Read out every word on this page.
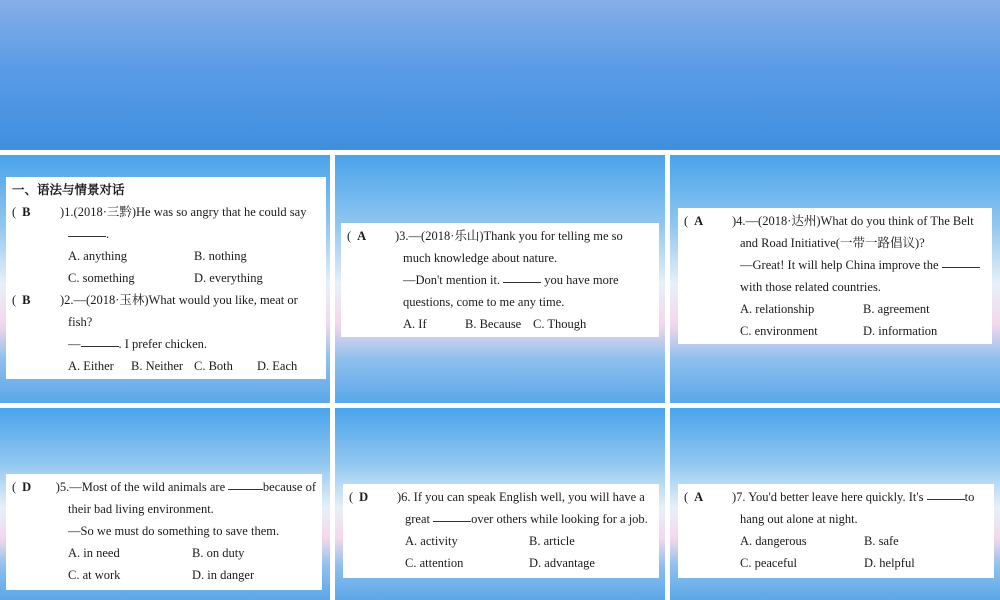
一、语法与情景对话
( B	)1.(2018·三黔)He was so angry that he could say
.
A. anything	B. nothing
C. something	D. everything
( B	)2.—(2018·玉林)What would you like, meat or
fish?
—	. I prefer chicken.
A. Either	B. Neither C. Both	D. Each
( A	)3.—(2018·乐山)Thank you for telling me so
much knowledge about nature.
—Don't mention it.

	you have more
questions, come to me any time.
A. If	B. Because C. Though
( A	)4.—(2018·达州)What do you think of The Belt
and Road Initiative(一带一路倡议)?
—Great! It will help China improve the

with those related countries.
A. relationship	B. agreement
C. environment	D. information
( D	)5.—Most of the wild animals are
	because of
their bad living environment.
—So we must do something to save them.
A. in need	B. on duty
C. at work	D. in danger
( D	)6. If you can speak English well, you will have a
great
	over others while looking for a job.
A. activity	B. article
C. attention	D. advantage
( A	)7. You'd better leave here quickly. It's
	to
hang out alone at night.
A. dangerous	B. safe
C. peaceful	D. helpful
